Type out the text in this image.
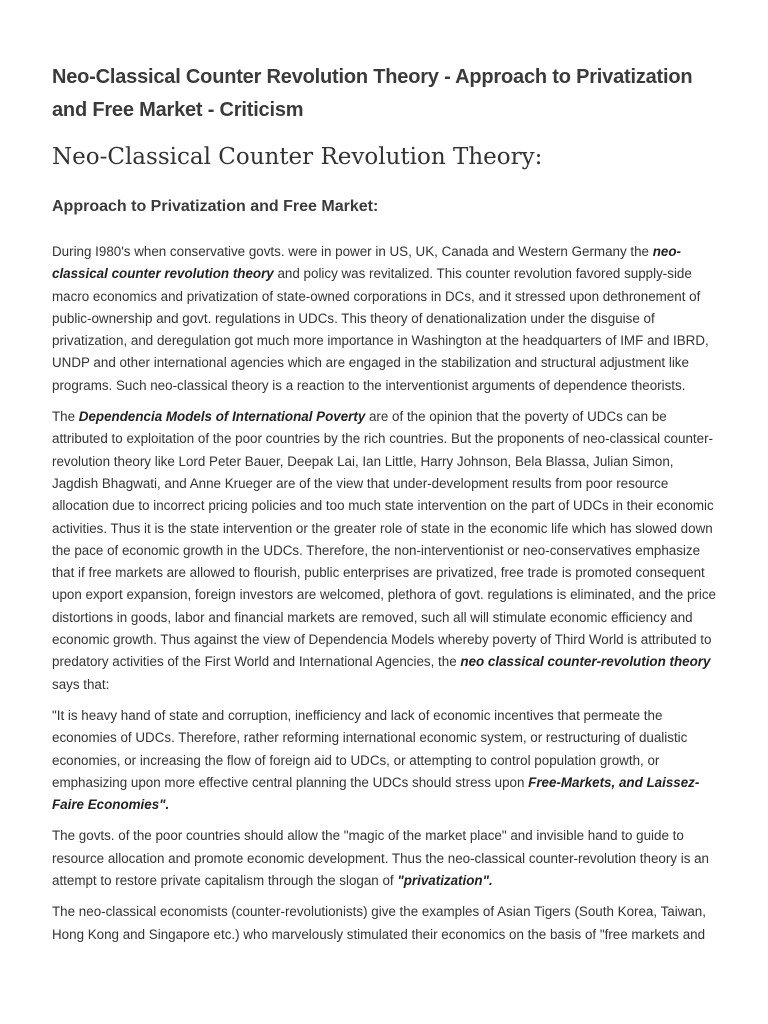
Neo-Classical Counter Revolution Theory - Approach to Privatization and Free Market - Criticism
Neo-Classical Counter Revolution Theory:
Approach to Privatization and Free Market:

During I980's when conservative govts. were in power in US, UK, Canada and Western Germany the neo-classical counter revolution theory and policy was revitalized. This counter revolution favored supply-side macro economics and privatization of state-owned corporations in DCs, and it stressed upon dethronement of public-ownership and govt. regulations in UDCs. This theory of denationalization under the disguise of privatization, and deregulation got much more importance in Washington at the headquarters of IMF and IBRD, UNDP and other international agencies which are engaged in the stabilization and structural adjustment like programs. Such neo-classical theory is a reaction to the interventionist arguments of dependence theorists.

The Dependencia Models of International Poverty are of the opinion that the poverty of UDCs can be attributed to exploitation of the poor countries by the rich countries. But the proponents of neo-classical counter-revolution theory like Lord Peter Bauer, Deepak Lai, Ian Little, Harry Johnson, Bela Blassa, Julian Simon, Jagdish Bhagwati, and Anne Krueger are of the view that under-development results from poor resource allocation due to incorrect pricing policies and too much state intervention on the part of UDCs in their economic activities. Thus it is the state intervention or the greater role of state in the economic life which has slowed down the pace of economic growth in the UDCs. Therefore, the non-interventionist or neo-conservatives emphasize that if free markets are allowed to flourish, public enterprises are privatized, free trade is promoted consequent upon export expansion, foreign investors are welcomed, plethora of govt. regulations is eliminated, and the price distortions in goods, labor and financial markets are removed, such all will stimulate economic efficiency and economic growth. Thus against the view of Dependencia Models whereby poverty of Third World is attributed to predatory activities of the First World and International Agencies, the neo classical counter-revolution theory says that:

"It is heavy hand of state and corruption, inefficiency and lack of economic incentives that permeate the economies of UDCs. Therefore, rather reforming international economic system, or restructuring of dualistic economies, or increasing the flow of foreign aid to UDCs, or attempting to control population growth, or emphasizing upon more effective central planning the UDCs should stress upon Free-Markets, and Laissez-Faire Economies".

The govts. of the poor countries should allow the "magic of the market place" and invisible hand to guide to resource allocation and promote economic development. Thus the neo-classical counter-revolution theory is an attempt to restore private capitalism through the slogan of "privatization".

The neo-classical economists (counter-revolutionists) give the examples of Asian Tigers (South Korea, Taiwan, Hong Kong and Singapore etc.) who marvelously stimulated their economics on the basis of "free markets and
